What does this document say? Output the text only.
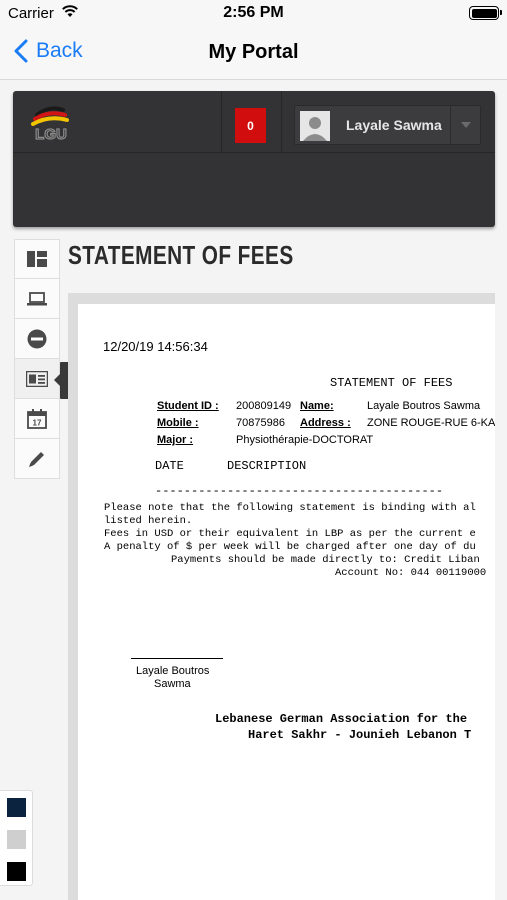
Carrier	2:56 PM
Back	My Portal
LGU
0	Layale Sawma
STATEMENT OF FEES
17
12/20/19 14:56:34
STATEMENT OF FEES
Student ID : 200809149 Name:	Layale Boutros Sawma
Mobile :	70875986 Address : ZONE ROUGE-RUE 6-KA
Major :	Physiothérapie-DOCTORAT
DATE	DESCRIPTION
----------------------------------------
Please note that the following statement is binding with al
listed herein.
Fees in USD or their equivalent in LBP as per the current e
A penalty of $ per week will be charged after one day of du
Payments should be made directly to: Credit Liban
Account No: 044 00119000
Layale Boutros
Sawma
Lebanese German Association for the
Haret Sakhr - Jounieh Lebanon T
